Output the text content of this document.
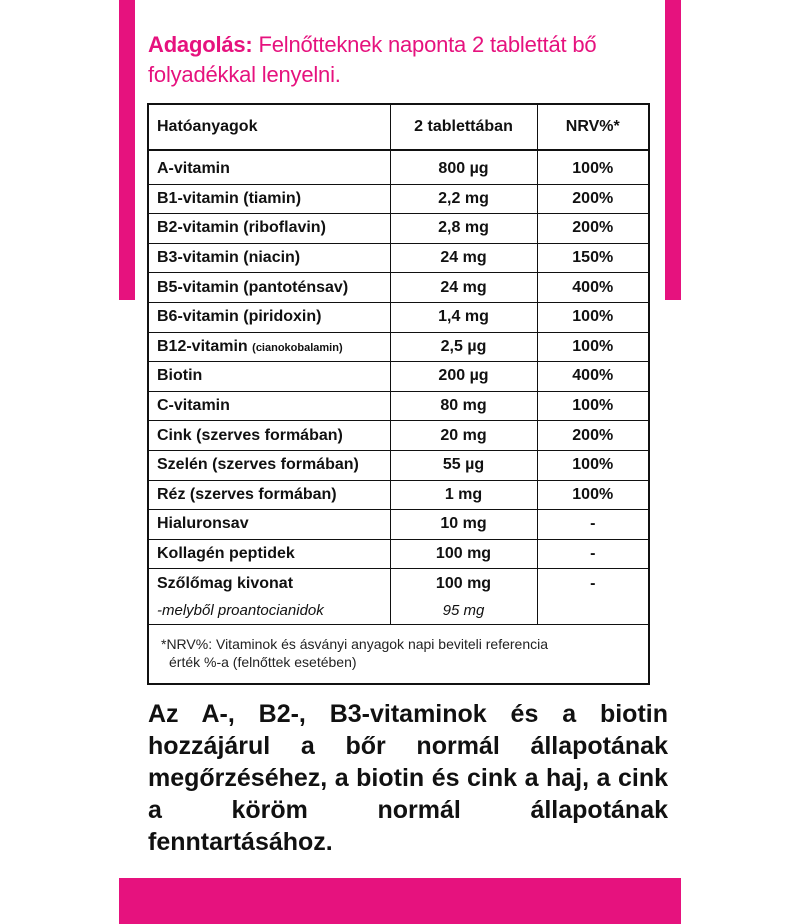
Adagolás: Felnőtteknek naponta 2 tablettát bő folyadékkal lenyelni.
Hatóanyagok	2 tablettában	NRV%*
A-vitamin	800 µg	100%
B1-vitamin (tiamin)	2,2 mg	200%
B2-vitamin (riboflavin)	2,8 mg	200%
B3-vitamin (niacin)	24 mg	150%
B5-vitamin (pantoténsav)	24 mg	400%
B6-vitamin (piridoxin)	1,4 mg	100%
B12-vitamin (cianokobalamin)	2,5 µg	100%
Biotin	200 µg	400%
C-vitamin	80 mg	100%
Cink (szerves formában)	20 mg	200%
Szelén (szerves formában)	55 µg	100%
Réz (szerves formában)	1 mg	100%
Hialuronsav	10 mg	-
Kollagén peptidek	100 mg	-
Szőlőmag kivonat	100 mg	-
-melyből proantocianidok	95 mg	
*NRV%: Vitaminok és ásványi anyagok napi beviteli referencia
érték %-a (felnőttek esetében)
Az A-, B2-, B3-vitaminok és a biotin hozzájárul a bőr normál állapotának megőrzéséhez, a biotin és cink a haj, a cink a köröm normál állapotának fenntartásához.
